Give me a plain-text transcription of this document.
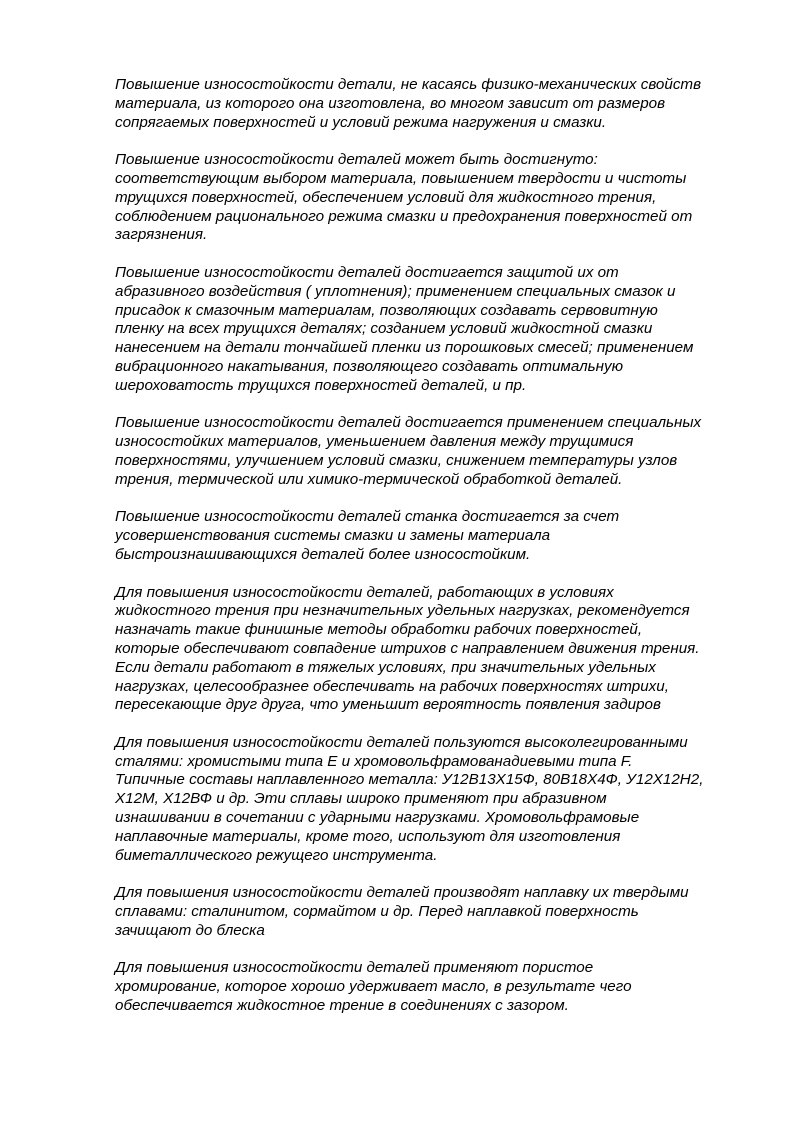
Повышение износостойкости детали, не касаясь физико-механических свойств
материала, из которого она изготовлена, во многом зависит от размеров
сопрягаемых поверхностей и условий режима нагружения и смазки.

Повышение износостойкости деталей может быть достигнуто:
соответствующим выбором материала, повышением твердости и чистоты
трущихся поверхностей, обеспечением условий для жидкостного трения,
соблюдением рационального режима смазки и предохранения поверхностей от
загрязнения.

Повышение износостойкости деталей достигается защитой их от
абразивного воздействия ( уплотнения); применением специальных смазок и
присадок к смазочным материалам, позволяющих создавать сервовитную
пленку на всех трущихся деталях; созданием условий жидкостной смазки
нанесением на детали тончайшей пленки из порошковых смесей; применением
вибрационного накатывания, позволяющего создавать оптимальную
шероховатость трущихся поверхностей деталей, и пр.

Повышение износостойкости деталей достигается применением специальных
износостойких материалов, уменьшением давления между трущимися
поверхностями, улучшением условий смазки, снижением температуры узлов
трения, термической или химико-термической обработкой деталей.

Повышение износостойкости деталей станка достигается за счет
усовершенствования системы смазки и замены материала
быстроизнашивающихся деталей более износостойким.

Для повышения износостойкости деталей, работающих в условиях
жидкостного трения при незначительных удельных нагрузках, рекомендуется
назначать такие финишные методы обработки рабочих поверхностей,
которые обеспечивают совпадение штрихов с направлением движения трения.
Если детали работают в тяжелых условиях, при значительных удельных
нагрузках, целесообразнее обеспечивать на рабочих поверхностях штрихи,
пересекающие друг друга, что уменьшит вероятность появления задиров

Для повышения износостойкости деталей пользуются высоколегированными
сталями: хромистыми типа Е и хромовольфрамованадиевыми типа F.
Типичные составы наплавленного металла: У12В13Х15Ф, 80В18Х4Ф, У12Х12Н2,
Х12М, Х12ВФ и др. Эти сплавы широко применяют при абразивном
изнашивании в сочетании с ударными нагрузками. Хромовольфрамовые
наплавочные материалы, кроме того, используют для изготовления
биметаллического режущего инструмента.

Для повышения износостойкости деталей производят наплавку их твердыми
сплавами: сталинитом, сормайтом и др. Перед наплавкой поверхность
зачищают до блеска

Для повышения износостойкости деталей применяют пористое
хромирование, которое хорошо удерживает масло, в результате чего
обеспечивается жидкостное трение в соединениях с зазором.
